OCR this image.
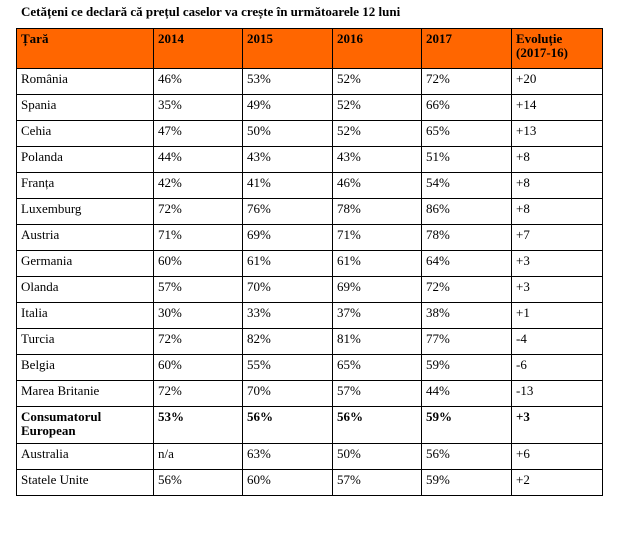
Cetățeni ce declară că prețul caselor va crește în următoarele 12 luni
Țară	2014	2015	2016	2017	Evoluție (2017-16)
România	46%	53%	52%	72%	+20
Spania	35%	49%	52%	66%	+14
Cehia	47%	50%	52%	65%	+13
Polanda	44%	43%	43%	51%	+8
Franța	42%	41%	46%	54%	+8
Luxemburg	72%	76%	78%	86%	+8
Austria	71%	69%	71%	78%	+7
Germania	60%	61%	61%	64%	+3
Olanda	57%	70%	69%	72%	+3
Italia	30%	33%	37%	38%	+1
Turcia	72%	82%	81%	77%	-4
Belgia	60%	55%	65%	59%	-6
Marea Britanie	72%	70%	57%	44%	-13
Consumatorul European	53%	56%	56%	59%	+3
Australia	n/a	63%	50%	56%	+6
Statele Unite	56%	60%	57%	59%	+2
